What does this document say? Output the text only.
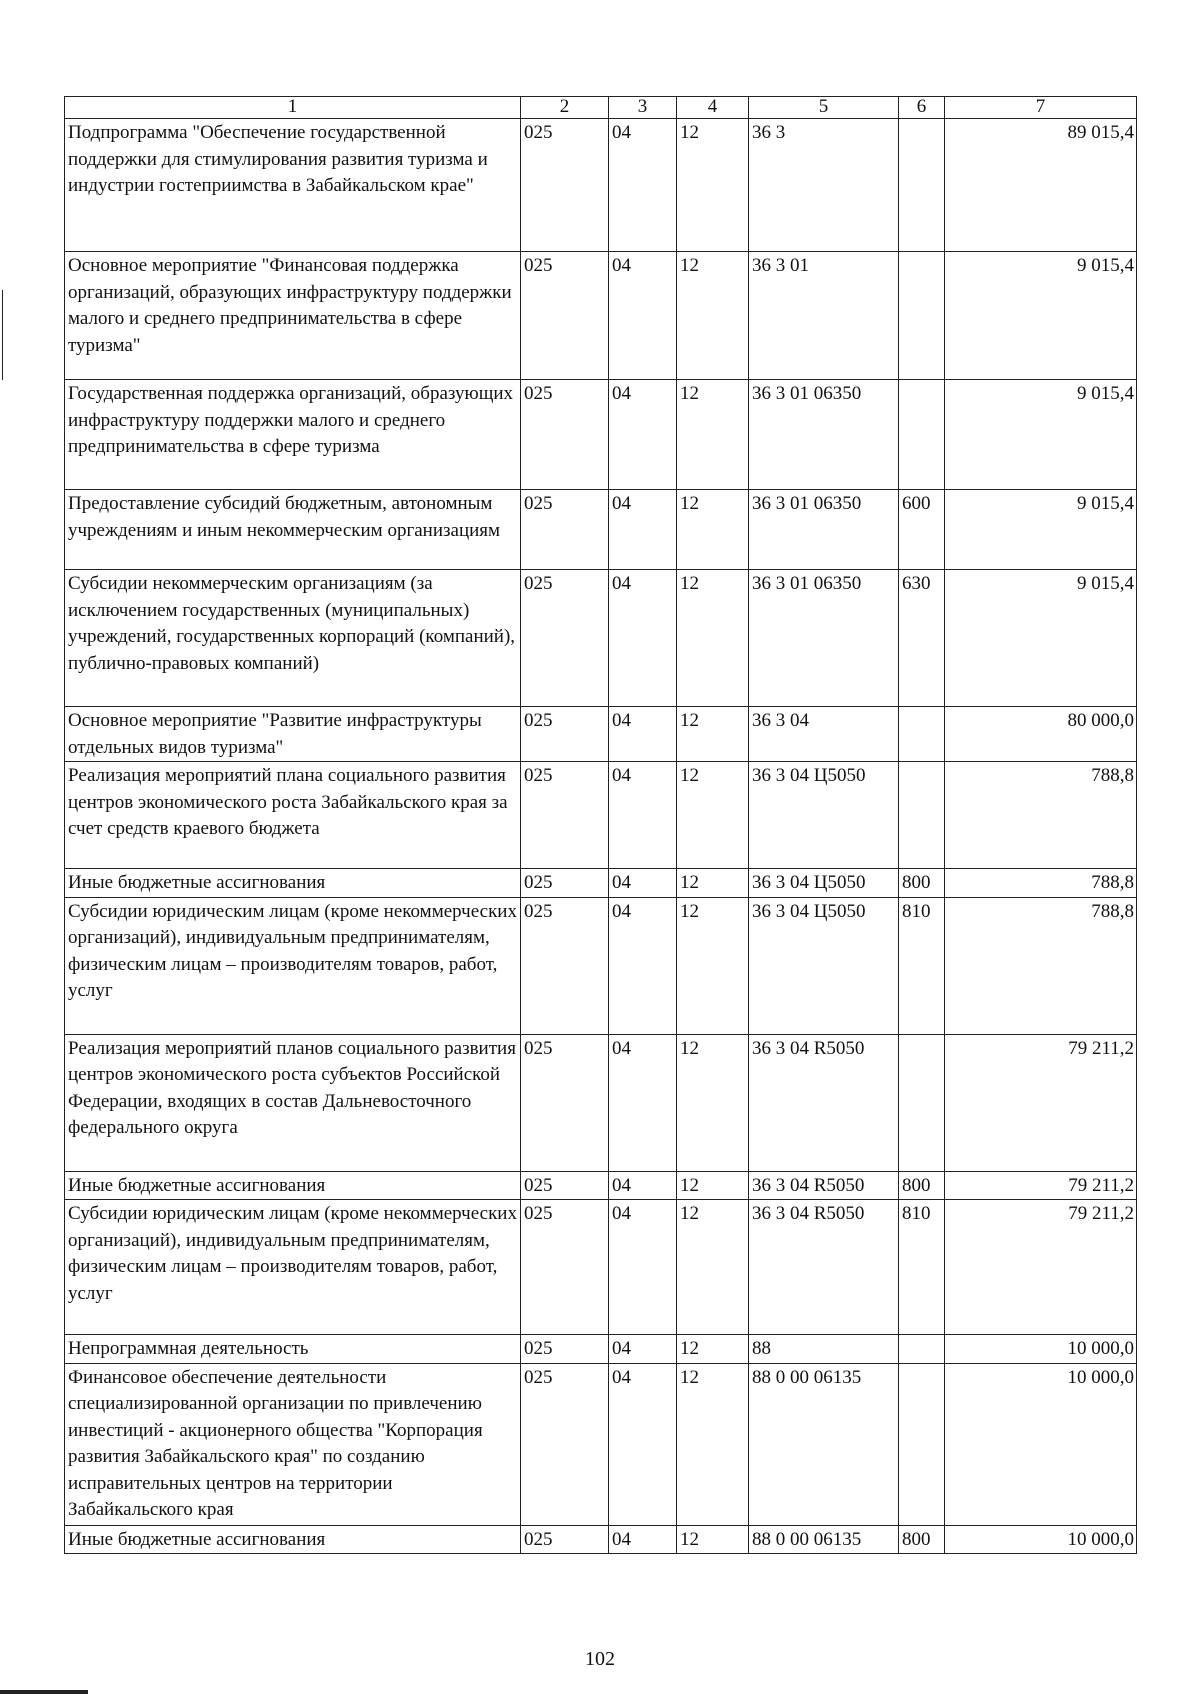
1	2	3	4	5	6	7
Подпрограмма "Обеспечение государственной поддержки для стимулирования развития туризма и индустрии гостеприимства в Забайкальском крае"	025	04	12	36 3		89 015,4
Основное мероприятие "Финансовая поддержка организаций, образующих инфраструктуру поддержки малого и среднего предпринимательства в сфере туризма"	025	04	12	36 3 01		9 015,4
Государственная поддержка организаций, образующих инфраструктуру поддержки малого и среднего предпринимательства в сфере туризма	025	04	12	36 3 01 06350		9 015,4
Предоставление субсидий бюджетным, автономным учреждениям и иным некоммерческим организациям	025	04	12	36 3 01 06350	600	9 015,4
Субсидии некоммерческим организациям (за исключением государственных (муниципальных) учреждений, государственных корпораций (компаний), публично-правовых компаний)	025	04	12	36 3 01 06350	630	9 015,4
Основное мероприятие "Развитие инфраструктуры отдельных видов туризма"	025	04	12	36 3 04		80 000,0
Реализация мероприятий плана социального развития центров экономического роста Забайкальского края за счет средств краевого бюджета	025	04	12	36 3 04 Ц5050		788,8
Иные бюджетные ассигнования	025	04	12	36 3 04 Ц5050	800	788,8
Субсидии юридическим лицам (кроме некоммерческих организаций), индивидуальным предпринимателям, физическим лицам – производителям товаров, работ, услуг	025	04	12	36 3 04 Ц5050	810	788,8
Реализация мероприятий планов социального развития центров экономического роста субъектов Российской Федерации, входящих в состав Дальневосточного федерального округа	025	04	12	36 3 04 R5050		79 211,2
Иные бюджетные ассигнования	025	04	12	36 3 04 R5050	800	79 211,2
Субсидии юридическим лицам (кроме некоммерческих организаций), индивидуальным предпринимателям, физическим лицам – производителям товаров, работ, услуг	025	04	12	36 3 04 R5050	810	79 211,2
Непрограммная деятельность	025	04	12	88		10 000,0
Финансовое обеспечение деятельности специализированной организации по привлечению инвестиций - акционерного общества "Корпорация развития Забайкальского края" по созданию исправительных центров на территории Забайкальского края	025	04	12	88 0 00 06135		10 000,0
Иные бюджетные ассигнования	025	04	12	88 0 00 06135	800	10 000,0
102
